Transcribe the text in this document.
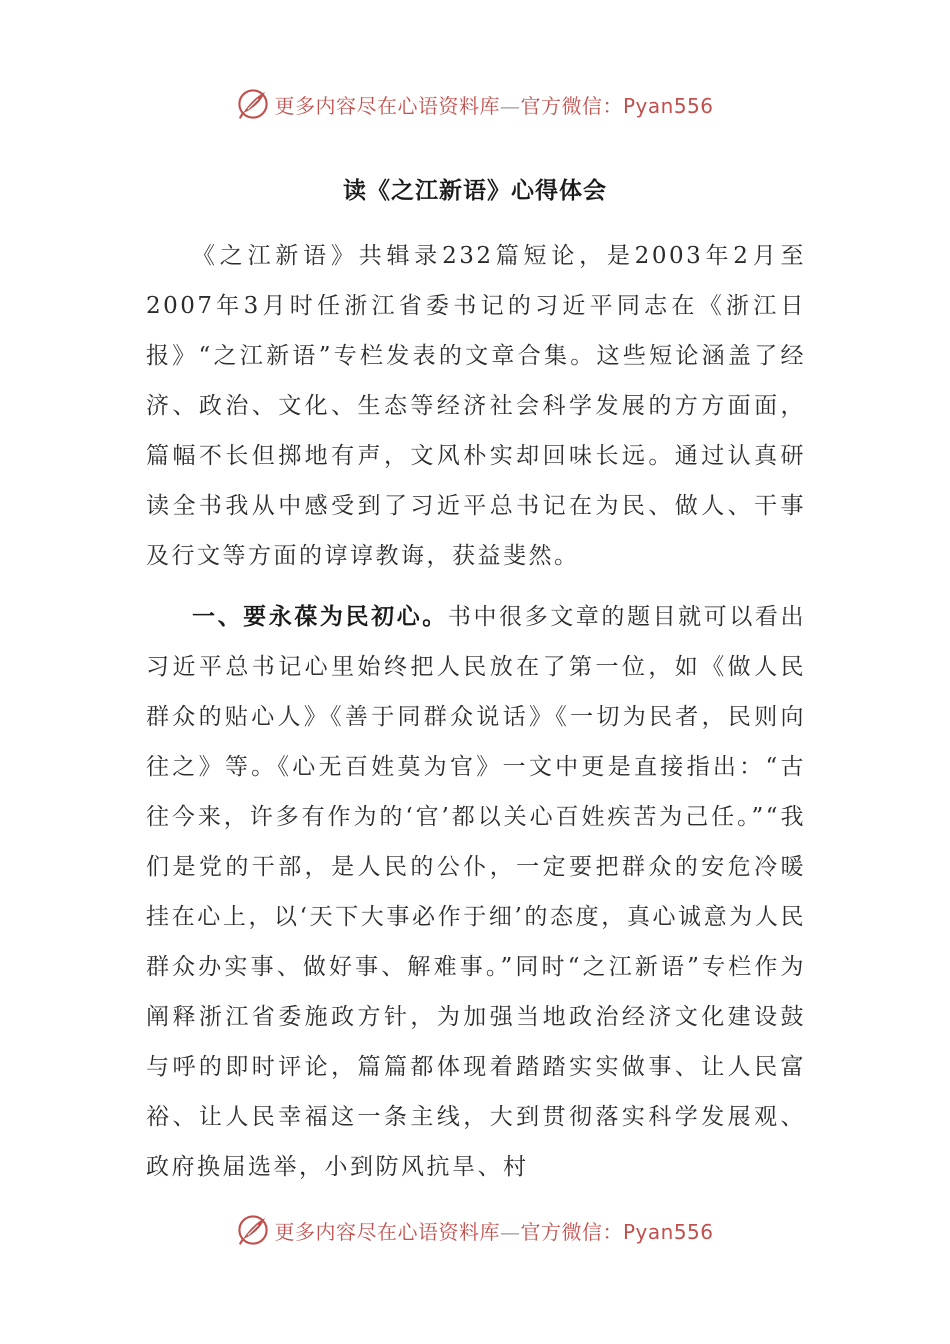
更多内容尽在心语资料库—官方微信：Pyan556
读《之江新语》心得体会
《之江新语》共辑录232篇短论，是2003年2月至2007年3月时任浙江省委书记的习近平同志在《浙江日报》“之江新语”专栏发表的文章合集。这些短论涵盖了经济、政治、文化、生态等经济社会科学发展的方方面面，篇幅不长但掷地有声，文风朴实却回味长远。通过认真研读全书我从中感受到了习近平总书记在为民、做人、干事及行文等方面的谆谆教诲，获益斐然。
一、要永葆为民初心。书中很多文章的题目就可以看出习近平总书记心里始终把人民放在了第一位，如《做人民群众的贴心人》《善于同群众说话》《一切为民者，民则向往之》等。《心无百姓莫为官》一文中更是直接指出：“古往今来，许多有作为的‘官’都以关心百姓疾苦为己任。”“我们是党的干部，是人民的公仆，一定要把群众的安危冷暖挂在心上，以‘天下大事必作于细’的态度，真心诚意为人民群众办实事、做好事、解难事。”同时“之江新语”专栏作为阐释浙江省委施政方针，为加强当地政治经济文化建设鼓与呼的即时评论，篇篇都体现着踏踏实实做事、让人民富裕、让人民幸福这一条主线，大到贯彻落实科学发展观、政府换届选举，小到防风抗旱、村
更多内容尽在心语资料库—官方微信：Pyan556
